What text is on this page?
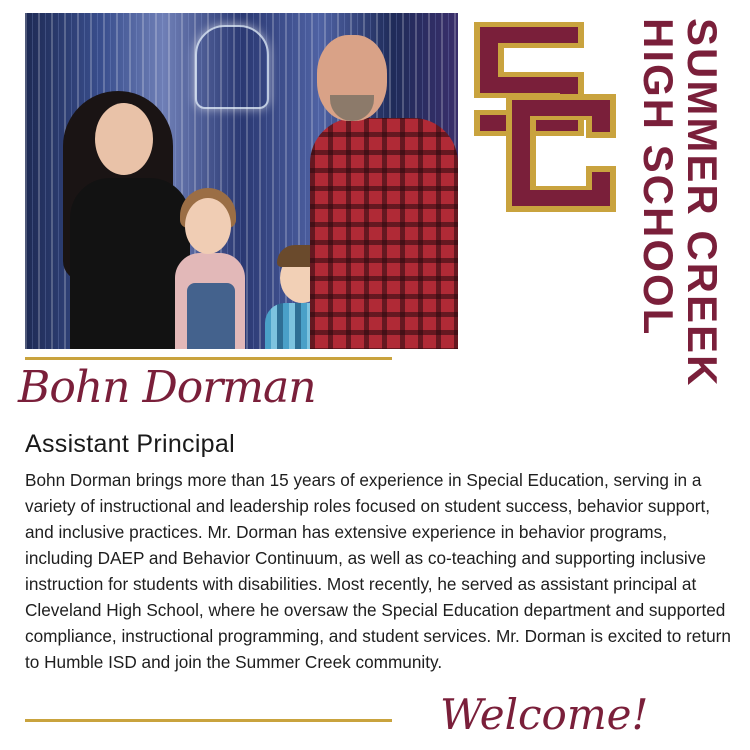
SUMMER CREEK
HIGH SCHOOL
Bohn Dorman
Assistant Principal
Bohn Dorman brings more than 15 years of experience in Special Education, serving in a variety of instructional and leadership roles focused on student success, behavior support, and inclusive practices. Mr. Dorman has extensive experience in behavior programs, including DAEP and Behavior Continuum, as well as co-teaching and supporting inclusive instruction for students with disabilities. Most recently, he served as assistant principal at Cleveland High School, where he oversaw the Special Education department and supported compliance, instructional programming, and student services. Mr. Dorman is excited to return to Humble ISD and join the Summer Creek community.
Welcome!
